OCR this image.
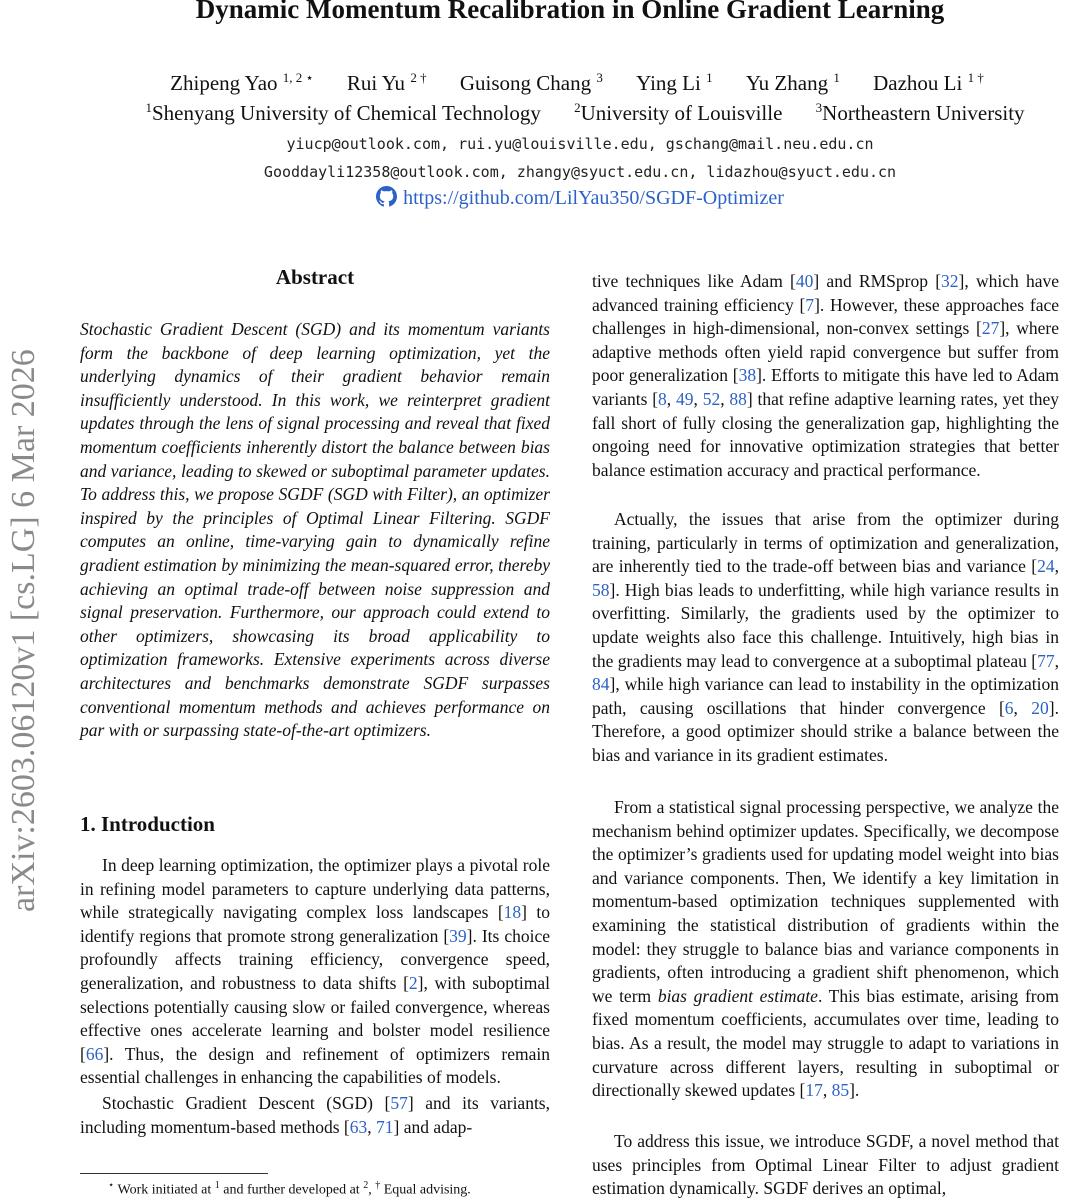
Dynamic Momentum Recalibration in Online Gradient Learning
Zhipeng Yao $^{1, 2 ⋆}$ Rui Yu $^{2 \dagger}$ Guisong Chang $^3$ Ying Li $^1$ Yu Zhang $^1$ Dazhou Li $^{1 \dagger}$
$^1$Shenyang University of Chemical Technology	$^2$University of Louisville	$^3$Northeastern University
yiucp@outlook.com, rui.yu@louisville.edu, gschang@mail.neu.edu.cn
Gooddayli12358@outlook.com, zhangy@syuct.edu.cn, lidazhou@syuct.edu.cn
https://github.com/LilYau350/SGDF-Optimizer
arXiv:2603.06120v1 [cs.LG] 6 Mar 2026
Abstract

Stochastic Gradient Descent (SGD) and its momentum variants form the backbone of deep learning optimization, yet the underlying dynamics of their gradient behavior remain insufficiently understood. In this work, we reinterpret gradient updates through the lens of signal processing and reveal that fixed momentum coefficients inherently distort the balance between bias and variance, leading to skewed or suboptimal parameter updates. To address this, we propose SGDF (SGD with Filter), an optimizer inspired by the principles of Optimal Linear Filtering. SGDF computes an online, time-varying gain to dynamically refine gradient estimation by minimizing the mean-squared error, thereby achieving an optimal trade-off between noise suppression and signal preservation. Furthermore, our approach could extend to other optimizers, showcasing its broad applicability to optimization frameworks. Extensive experiments across diverse architectures and benchmarks demonstrate SGDF surpasses conventional momentum methods and achieves performance on par with or surpassing state-of-the-art optimizers.

1. Introduction

In deep learning optimization, the optimizer plays a pivotal role in refining model parameters to capture underlying data patterns, while strategically navigating complex loss landscapes [18] to identify regions that promote strong generalization [39]. Its choice profoundly affects training efficiency, convergence speed, generalization, and robustness to data shifts [2], with suboptimal selections potentially causing slow or failed convergence, whereas effective ones accelerate learning and bolster model resilience [66]. Thus, the design and refinement of optimizers remain essential challenges in enhancing the capabilities of models.

Stochastic Gradient Descent (SGD) [57] and its variants, including momentum-based methods [63, 71] and adap-

tive techniques like Adam [40] and RMSprop [32], which have advanced training efficiency [7]. However, these approaches face challenges in high-dimensional, non-convex settings [27], where adaptive methods often yield rapid convergence but suffer from poor generalization [38]. Efforts to mitigate this have led to Adam variants [8, 49, 52, 88] that refine adaptive learning rates, yet they fall short of fully closing the generalization gap, highlighting the ongoing need for innovative optimization strategies that better balance estimation accuracy and practical performance.

Actually, the issues that arise from the optimizer during training, particularly in terms of optimization and generalization, are inherently tied to the trade-off between bias and variance [24, 58]. High bias leads to underfitting, while high variance results in overfitting. Similarly, the gradients used by the optimizer to update weights also face this challenge. Intuitively, high bias in the gradients may lead to convergence at a suboptimal plateau [77, 84], while high variance can lead to instability in the optimization path, causing oscillations that hinder convergence [6, 20]. Therefore, a good optimizer should strike a balance between the bias and variance in its gradient estimates.

From a statistical signal processing perspective, we analyze the mechanism behind optimizer updates. Specifically, we decompose the optimizer’s gradients used for updating model weight into bias and variance components. Then, We identify a key limitation in momentum-based optimization techniques supplemented with examining the statistical distribution of gradients within the model: they struggle to balance bias and variance components in gradients, often introducing a gradient shift phenomenon, which we term bias gradient estimate. This bias estimate, arising from fixed momentum coefficients, accumulates over time, leading to bias. As a result, the model may struggle to adapt to variations in curvature across different layers, resulting in suboptimal or directionally skewed updates [17, 85].

To address this issue, we introduce SGDF, a novel method that uses principles from Optimal Linear Filter to adjust gradient estimation dynamically. SGDF derives an optimal,

⋆ Work initiated at $^1$ and further developed at $^2$, † Equal advising.
